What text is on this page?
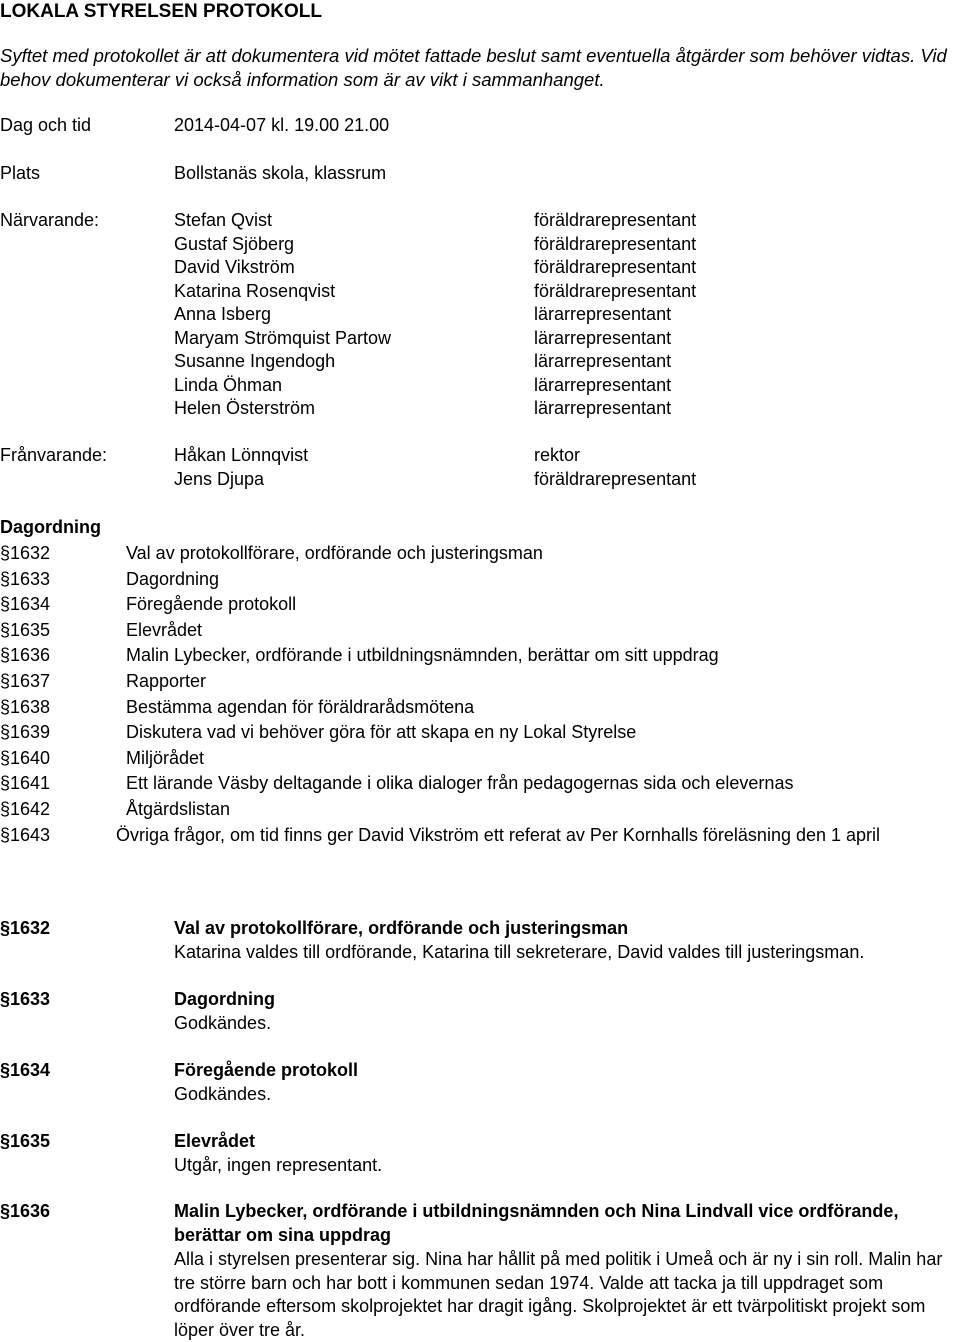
LOKALA STYRELSEN PROTOKOLL
Syftet med protokollet är att dokumentera vid mötet fattade beslut samt eventuella åtgärder som behöver vidtas. Vid behov dokumenterar vi också information som är av vikt i sammanhanget.
Dag och tid	2014-04-07 kl. 19.00 21.00
Plats	Bollstanäs skola, klassrum
Närvarande:	Stefan Qvist	föräldrarepresentant
Gustaf Sjöberg	föräldrarepresentant
David Vikström	föräldrarepresentant
Katarina Rosenqvist	föräldrarepresentant
Anna Isberg	lärarrepresentant
Maryam Strömquist Partow	lärarrepresentant
Susanne Ingendogh	lärarrepresentant
Linda Öhman	lärarrepresentant
Helen Österström	lärarrepresentant
Frånvarande:	Håkan Lönnqvist	rektor
Jens Djupa	föräldrarepresentant
Dagordning
§ 1632	Val av protokollförare, ordförande och justeringsman
§ 1633	Dagordning
§ 1634	Föregående protokoll
§ 1635	Elevrådet
§ 1636	Malin Lybecker, ordförande i utbildningsnämnden, berättar om sitt uppdrag
§ 1637	Rapporter
§ 1638	Bestämma agendan för föräldrarådsmötena
§ 1639	Diskutera vad vi behöver göra för att skapa en ny Lokal Styrelse
§ 1640	Miljörådet
§ 1641	Ett lärande Väsby deltagande i olika dialoger från pedagogernas sida och elevernas
§ 1642	Åtgärdslistan
§ 1643	Övriga frågor, om tid finns ger David Vikström ett referat av Per Kornhalls föreläsning den 1 april
§ 1632	Val av protokollförare, ordförande och justeringsman
Katarina valdes till ordförande, Katarina till sekreterare, David valdes till justeringsman.
§ 1633	Dagordning
Godkändes.
§ 1634	Föregående protokoll
Godkändes.
§ 1635	Elevrådet
Utgår, ingen representant.
§ 1636	Malin Lybecker, ordförande i utbildningsnämnden och Nina Lindvall vice ordförande, berättar om sina uppdrag
Alla i styrelsen presenterar sig. Nina har hållit på med politik i Umeå och är ny i sin roll. Malin har tre större barn och har bott i kommunen sedan 1974. Valde att tacka ja till uppdraget som ordförande eftersom skolprojektet har dragit igång. Skolprojektet är ett tvärpolitiskt projekt som löper över tre år.
